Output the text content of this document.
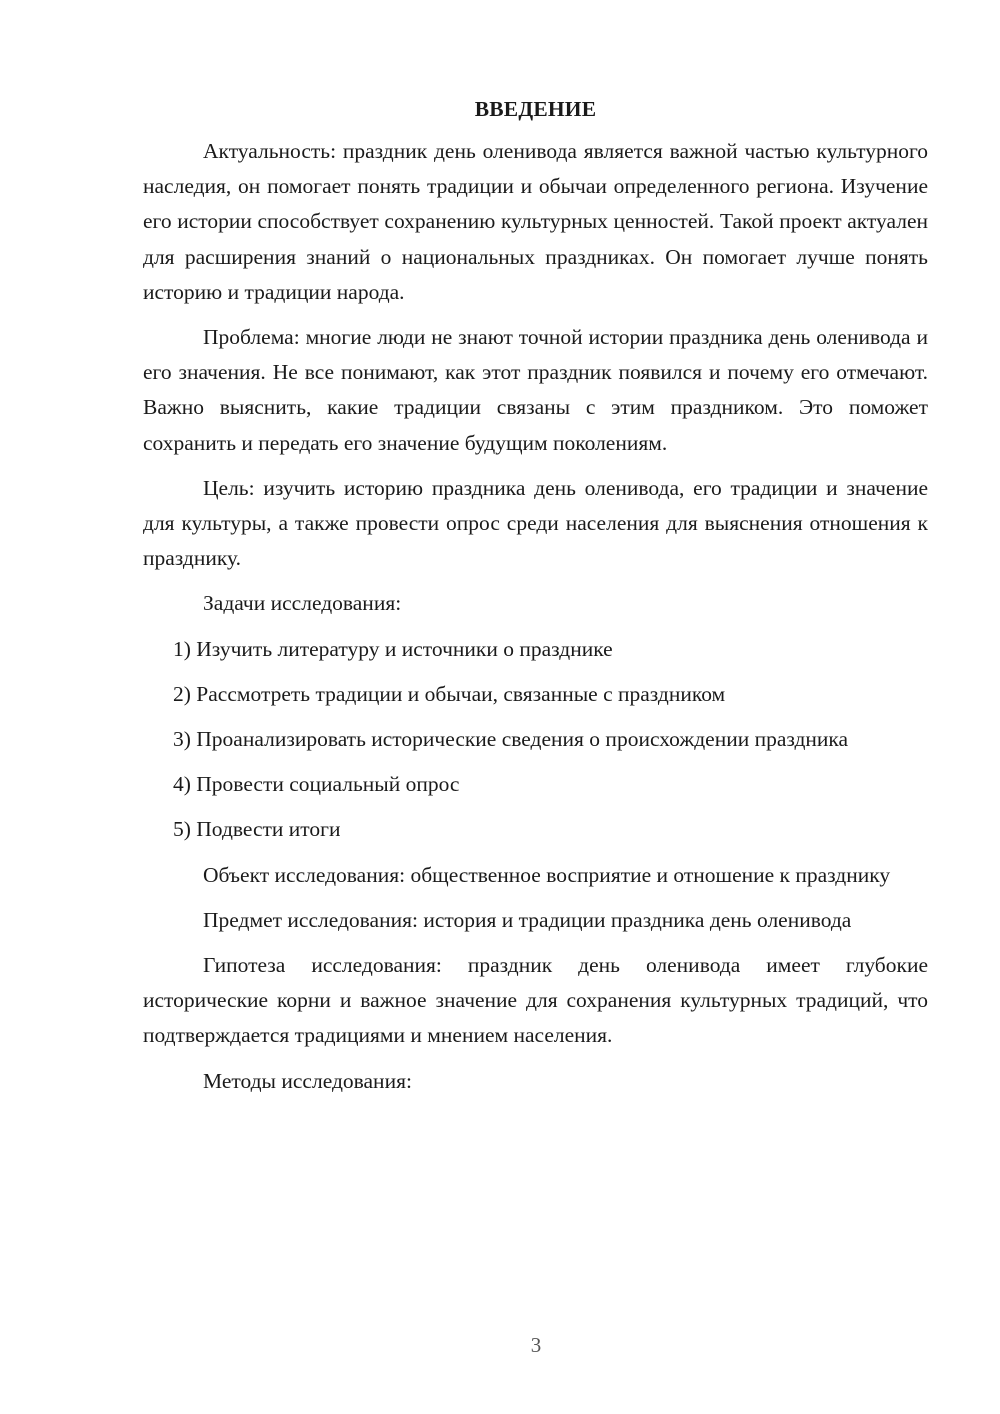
ВВЕДЕНИЕ

Актуальность: праздник день оленивода является важной частью культурного наследия, он помогает понять традиции и обычаи определенного региона. Изучение его истории способствует сохранению культурных ценностей. Такой проект актуален для расширения знаний о национальных праздниках. Он помогает лучше понять историю и традиции народа.

Проблема: многие люди не знают точной истории праздника день оленивода и его значения. Не все понимают, как этот праздник появился и почему его отмечают. Важно выяснить, какие традиции связаны с этим праздником. Это поможет сохранить и передать его значение будущим поколениям.

Цель: изучить историю праздника день оленивода, его традиции и значение для культуры, а также провести опрос среди населения для выяснения отношения к празднику.

Задачи исследования:

1) Изучить литературу и источники о празднике

2) Рассмотреть традиции и обычаи, связанные с праздником

3) Проанализировать исторические сведения о происхождении праздника

4) Провести социальный опрос

5) Подвести итоги

Объект исследования: общественное восприятие и отношение к празднику

Предмет исследования: история и традиции праздника день оленивода

Гипотеза исследования: праздник день оленивода имеет глубокие исторические корни и важное значение для сохранения культурных традиций, что подтверждается традициями и мнением населения.

Методы исследования:

3
